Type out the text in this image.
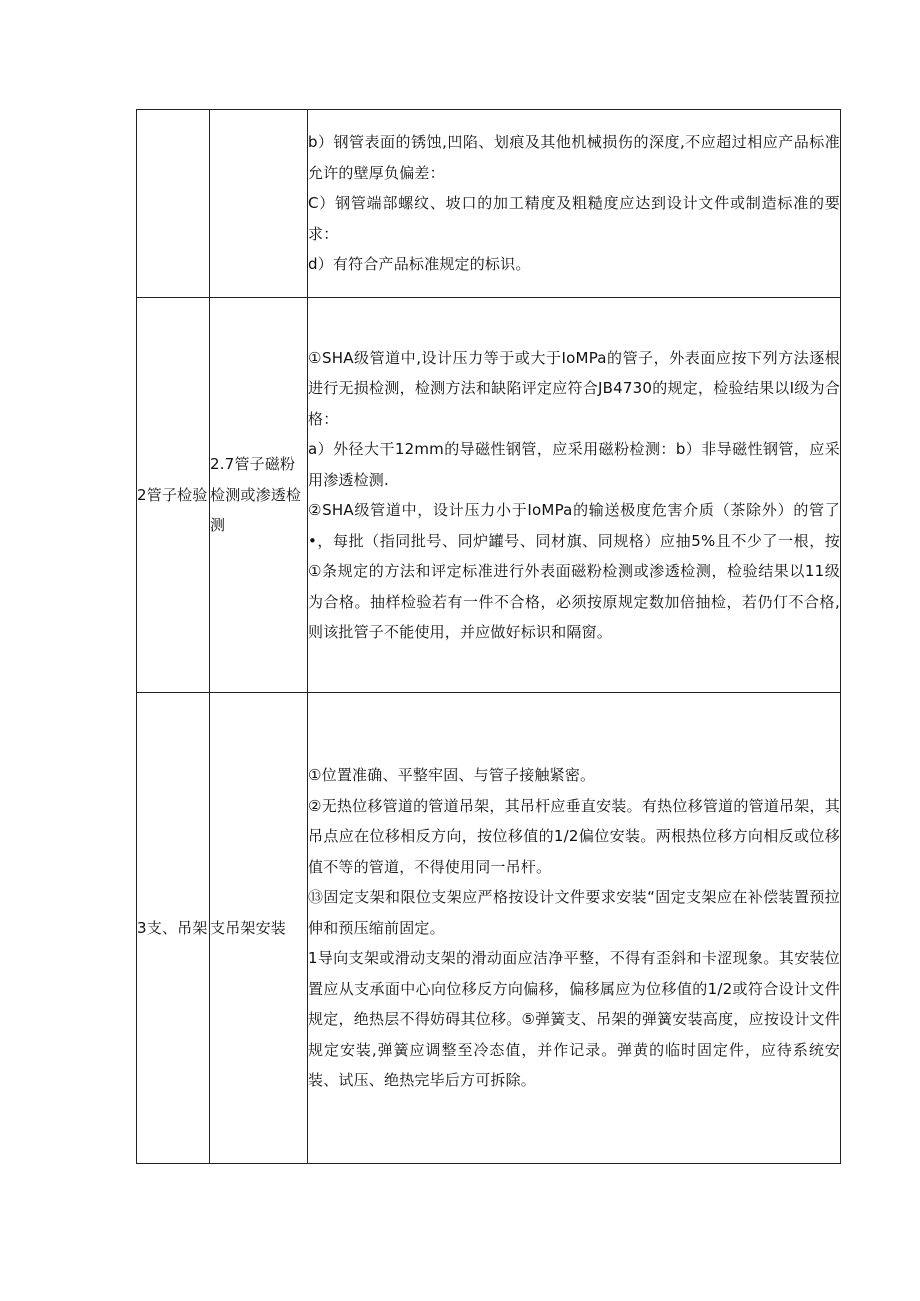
		b）钢管表面的锈蚀,凹陷、划痕及其他机械损伤的深度,不应超过相应产品标准允许的壁厚负偏差：

C）钢管端部螺纹、坡口的加工精度及粗糙度应达到设计文件或制造标准的要求：

d）有符合产品标准规定的标识。

2管子检验	2.7管子磁粉检测或渗透检测	①SHA级管道中,设计压力等于或大于IoMPa的管子，外表面应按下列方法逐根进行无损检测，检测方法和缺陷评定应符合JB4730的规定，检验结果以I级为合格：

a）外径大干12mm的导磁性钢管，应采用磁粉检测：b）非导磁性钢管，应采用渗透检测.

②SHA级管道中，设计压力小于IoMPa的输送极度危害介质（茶除外）的管了•，每批（指同批号、同炉罐号、同材旗、同规格）应抽5%且不少了一根，按①条规定的方法和评定标准进行外表面磁粉检测或渗透检测，检验结果以11级为合格。抽样检验若有一件不合格，必须按原规定数加倍抽检，若仍仃不合格,则该批管子不能使用，并应做好标识和隔窗。

3支、吊架	支吊架安装	①位置准确、平整牢固、与管子接触紧密。

②无热位移管道的管道吊架，其吊杆应垂直安装。有热位移管道的管道吊架，其吊点应在位移相反方向，按位移值的1/2偏位安装。两根热位移方向相反或位移值不等的管道，不得使用同一吊杆。

⑬固定支架和限位支架应严格按设计文件要求安装“固定支架应在补偿装置预拉伸和预压缩前固定。

1导向支架或滑动支架的滑动面应洁净平整，不得有歪斜和卡涩现象。其安装位置应从支承面中心向位移反方向偏移，偏移属应为位移值的1/2或符合设计文件规定，绝热层不得妨碍其位移。⑤弹簧支、吊架的弹簧安装高度，应按设计文件规定安装,弹簧应调整至冷态值，并作记录。弹黄的临时固定件，应待系统安装、试压、绝热完毕后方可拆除。
